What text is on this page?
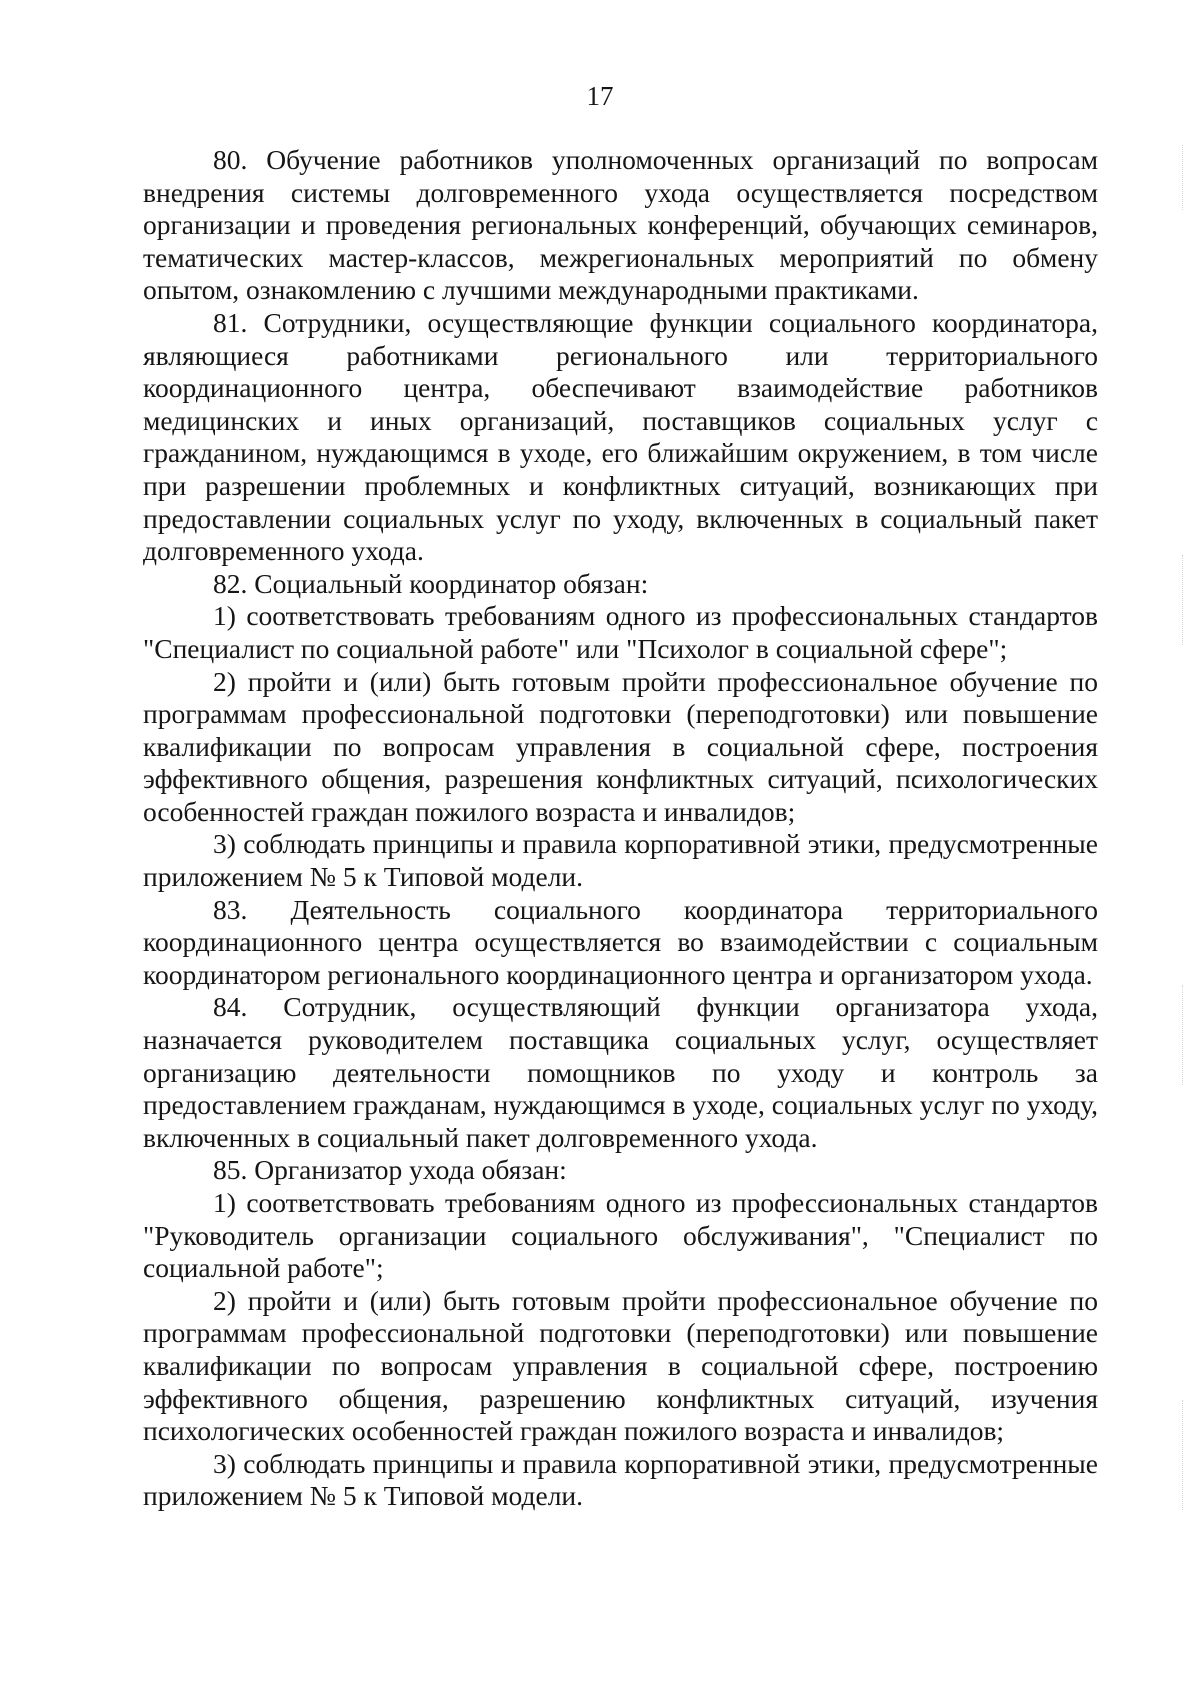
17

80. Обучение работников уполномоченных организаций по вопросам внедрения системы долговременного ухода осуществляется посредством организации и проведения региональных конференций, обучающих семинаров, тематических мастер-классов, межрегиональных мероприятий по обмену опытом, ознакомлению с лучшими международными практиками.

81. Сотрудники, осуществляющие функции социального координатора, являющиеся работниками регионального или территориального координационного центра, обеспечивают взаимодействие работников медицинских и иных организаций, поставщиков социальных услуг с гражданином, нуждающимся в уходе, его ближайшим окружением, в том числе при разрешении проблемных и конфликтных ситуаций, возникающих при предоставлении социальных услуг по уходу, включенных в социальный пакет долговременного ухода.

82. Социальный координатор обязан:

1) соответствовать требованиям одного из профессиональных стандартов "Специалист по социальной работе" или "Психолог в социальной сфере";

2) пройти и (или) быть готовым пройти профессиональное обучение по программам профессиональной подготовки (переподготовки) или повышение квалификации по вопросам управления в социальной сфере, построения эффективного общения, разрешения конфликтных ситуаций, психологических особенностей граждан пожилого возраста и инвалидов;

3) соблюдать принципы и правила корпоративной этики, предусмотренные приложением № 5 к Типовой модели.

83. Деятельность социального координатора территориального координационного центра осуществляется во взаимодействии с социальным координатором регионального координационного центра и организатором ухода.

84. Сотрудник, осуществляющий функции организатора ухода, назначается руководителем поставщика социальных услуг, осуществляет организацию деятельности помощников по уходу и контроль за предоставлением гражданам, нуждающимся в уходе, социальных услуг по уходу, включенных в социальный пакет долговременного ухода.

85. Организатор ухода обязан:

1) соответствовать требованиям одного из профессиональных стандартов "Руководитель организации социального обслуживания", "Специалист по социальной работе";

2) пройти и (или) быть готовым пройти профессиональное обучение по программам профессиональной подготовки (переподготовки) или повышение квалификации по вопросам управления в социальной сфере, построению эффективного общения, разрешению конфликтных ситуаций, изучения психологических особенностей граждан пожилого возраста и инвалидов;

3) соблюдать принципы и правила корпоративной этики, предусмотренные приложением № 5 к Типовой модели.
